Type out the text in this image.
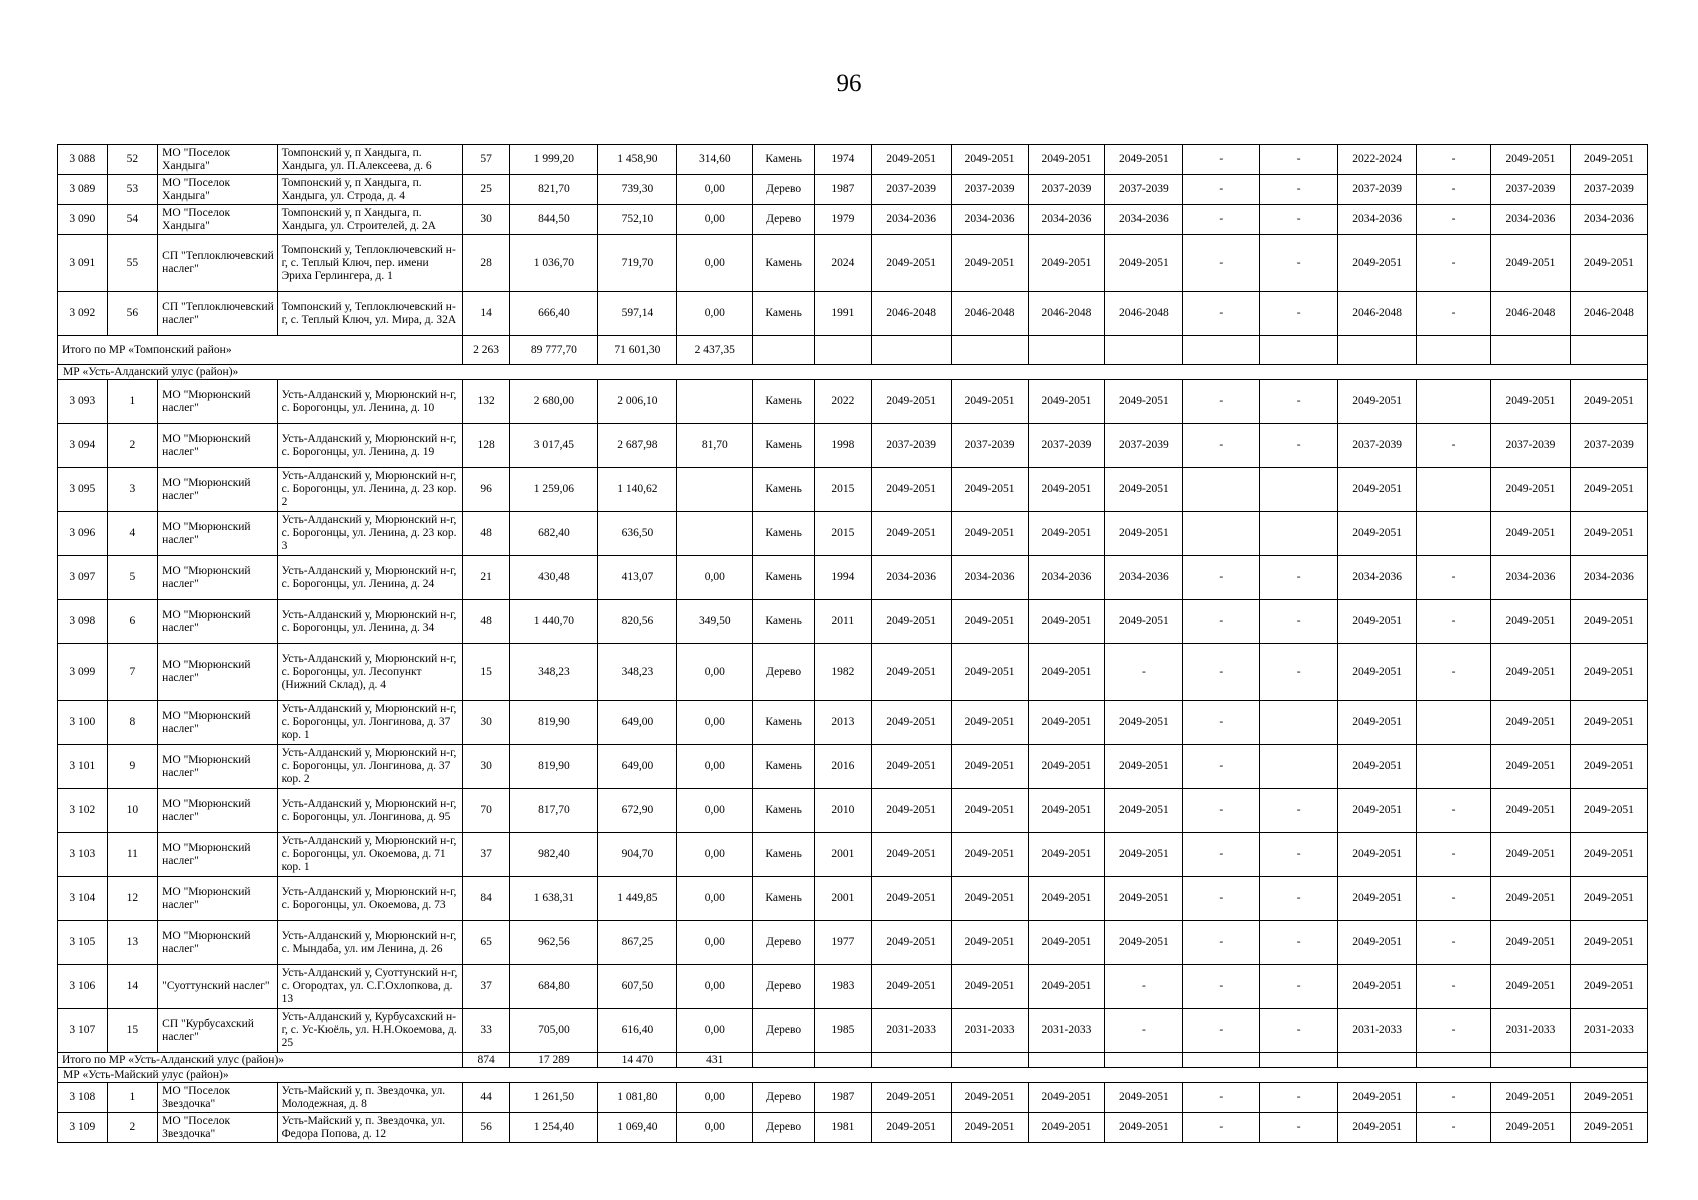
96
3 088	52	МО "Поселок Хандыга"	Томпонский у, п Хандыга, п. Хандыга, ул. П.Алексеева, д. 6	57	1 999,20	1 458,90	314,60	Камень	1974	2049-2051	2049-2051	2049-2051	2049-2051	-	-	2022-2024	-	2049-2051	2049-2051
3 089	53	МО "Поселок Хандыга"	Томпонский у, п Хандыга, п. Хандыга, ул. Строда, д. 4	25	821,70	739,30	0,00	Дерево	1987	2037-2039	2037-2039	2037-2039	2037-2039	-	-	2037-2039	-	2037-2039	2037-2039
3 090	54	МО "Поселок Хандыга"	Томпонский у, п Хандыга, п. Хандыга, ул. Строителей, д. 2А	30	844,50	752,10	0,00	Дерево	1979	2034-2036	2034-2036	2034-2036	2034-2036	-	-	2034-2036	-	2034-2036	2034-2036
3 091	55	СП "Теплоключевский наслег"	Томпонский у, Теплоключевский н-г, с. Теплый Ключ, пер. имени Эриха Герлингера, д. 1	28	1 036,70	719,70	0,00	Камень	2024	2049-2051	2049-2051	2049-2051	2049-2051	-	-	2049-2051	-	2049-2051	2049-2051
3 092	56	СП "Теплоключевский наслег"	Томпонский у, Теплоключевский н-г, с. Теплый Ключ, ул. Мира, д. 32А	14	666,40	597,14	0,00	Камень	1991	2046-2048	2046-2048	2046-2048	2046-2048	-	-	2046-2048	-	2046-2048	2046-2048
Итого по МР «Томпонский район»				2 263	89 777,70	71 601,30	2 437,35												
МР «Усть-Алданский улус (район)»																			
3 093	1	МО "Мюрюнский наслег"	Усть-Алданский у, Мюрюнский н-г, с. Борогонцы, ул. Ленина, д. 10	132	2 680,00	2 006,10		Камень	2022	2049-2051	2049-2051	2049-2051	2049-2051	-	-	2049-2051		2049-2051	2049-2051
3 094	2	МО "Мюрюнский наслег"	Усть-Алданский у, Мюрюнский н-г, с. Борогонцы, ул. Ленина, д. 19	128	3 017,45	2 687,98	81,70	Камень	1998	2037-2039	2037-2039	2037-2039	2037-2039	-	-	2037-2039	-	2037-2039	2037-2039
3 095	3	МО "Мюрюнский наслег"	Усть-Алданский у, Мюрюнский н-г, с. Борогонцы, ул. Ленина, д. 23 кор. 2	96	1 259,06	1 140,62		Камень	2015	2049-2051	2049-2051	2049-2051	2049-2051			2049-2051		2049-2051	2049-2051
3 096	4	МО "Мюрюнский наслег"	Усть-Алданский у, Мюрюнский н-г, с. Борогонцы, ул. Ленина, д. 23 кор. 3	48	682,40	636,50		Камень	2015	2049-2051	2049-2051	2049-2051	2049-2051			2049-2051		2049-2051	2049-2051
3 097	5	МО "Мюрюнский наслег"	Усть-Алданский у, Мюрюнский н-г, с. Борогонцы, ул. Ленина, д. 24	21	430,48	413,07	0,00	Камень	1994	2034-2036	2034-2036	2034-2036	2034-2036	-	-	2034-2036	-	2034-2036	2034-2036
3 098	6	МО "Мюрюнский наслег"	Усть-Алданский у, Мюрюнский н-г, с. Борогонцы, ул. Ленина, д. 34	48	1 440,70	820,56	349,50	Камень	2011	2049-2051	2049-2051	2049-2051	2049-2051	-	-	2049-2051	-	2049-2051	2049-2051
3 099	7	МО "Мюрюнский наслег"	Усть-Алданский у, Мюрюнский н-г, с. Борогонцы, ул. Лесопункт (Нижний Склад), д. 4	15	348,23	348,23	0,00	Дерево	1982	2049-2051	2049-2051	2049-2051	-	-	-	2049-2051	-	2049-2051	2049-2051
3 100	8	МО "Мюрюнский наслег"	Усть-Алданский у, Мюрюнский н-г, с. Борогонцы, ул. Лонгинова, д. 37 кор. 1	30	819,90	649,00	0,00	Камень	2013	2049-2051	2049-2051	2049-2051	2049-2051	-		2049-2051		2049-2051	2049-2051
3 101	9	МО "Мюрюнский наслег"	Усть-Алданский у, Мюрюнский н-г, с. Борогонцы, ул. Лонгинова, д. 37 кор. 2	30	819,90	649,00	0,00	Камень	2016	2049-2051	2049-2051	2049-2051	2049-2051	-		2049-2051		2049-2051	2049-2051
3 102	10	МО "Мюрюнский наслег"	Усть-Алданский у, Мюрюнский н-г, с. Борогонцы, ул. Лонгинова, д. 95	70	817,70	672,90	0,00	Камень	2010	2049-2051	2049-2051	2049-2051	2049-2051	-	-	2049-2051	-	2049-2051	2049-2051
3 103	11	МО "Мюрюнский наслег"	Усть-Алданский у, Мюрюнский н-г, с. Борогонцы, ул. Окоемова, д. 71 кор. 1	37	982,40	904,70	0,00	Камень	2001	2049-2051	2049-2051	2049-2051	2049-2051	-	-	2049-2051	-	2049-2051	2049-2051
3 104	12	МО "Мюрюнский наслег"	Усть-Алданский у, Мюрюнский н-г, с. Борогонцы, ул. Окоемова, д. 73	84	1 638,31	1 449,85	0,00	Камень	2001	2049-2051	2049-2051	2049-2051	2049-2051	-	-	2049-2051	-	2049-2051	2049-2051
3 105	13	МО "Мюрюнский наслег"	Усть-Алданский у, Мюрюнский н-г, с. Мындаба, ул. им Ленина, д. 26	65	962,56	867,25	0,00	Дерево	1977	2049-2051	2049-2051	2049-2051	2049-2051	-	-	2049-2051	-	2049-2051	2049-2051
3 106	14	"Суоттунский наслег"	Усть-Алданский у, Суоттунский н-г, с. Огородтах, ул. С.Г.Охлопкова, д. 13	37	684,80	607,50	0,00	Дерево	1983	2049-2051	2049-2051	2049-2051	-	-	-	2049-2051	-	2049-2051	2049-2051
3 107	15	СП "Курбусахский наслег"	Усть-Алданский у, Курбусахский н-г, с. Ус-Кюёль, ул. Н.Н.Окоемова, д. 25	33	705,00	616,40	0,00	Дерево	1985	2031-2033	2031-2033	2031-2033	-	-	-	2031-2033	-	2031-2033	2031-2033
Итого по МР «Усть-Алданский улус (район)»				874	17 289	14 470	431												
МР «Усть-Майский улус (район)»																			
3 108	1	МО "Поселок Звездочка"	Усть-Майский у, п. Звездочка, ул. Молодежная, д. 8	44	1 261,50	1 081,80	0,00	Дерево	1987	2049-2051	2049-2051	2049-2051	2049-2051	-	-	2049-2051	-	2049-2051	2049-2051
3 109	2	МО "Поселок Звездочка"	Усть-Майский у, п. Звездочка, ул. Федора Попова, д. 12	56	1 254,40	1 069,40	0,00	Дерево	1981	2049-2051	2049-2051	2049-2051	2049-2051	-	-	2049-2051	-	2049-2051	2049-2051
